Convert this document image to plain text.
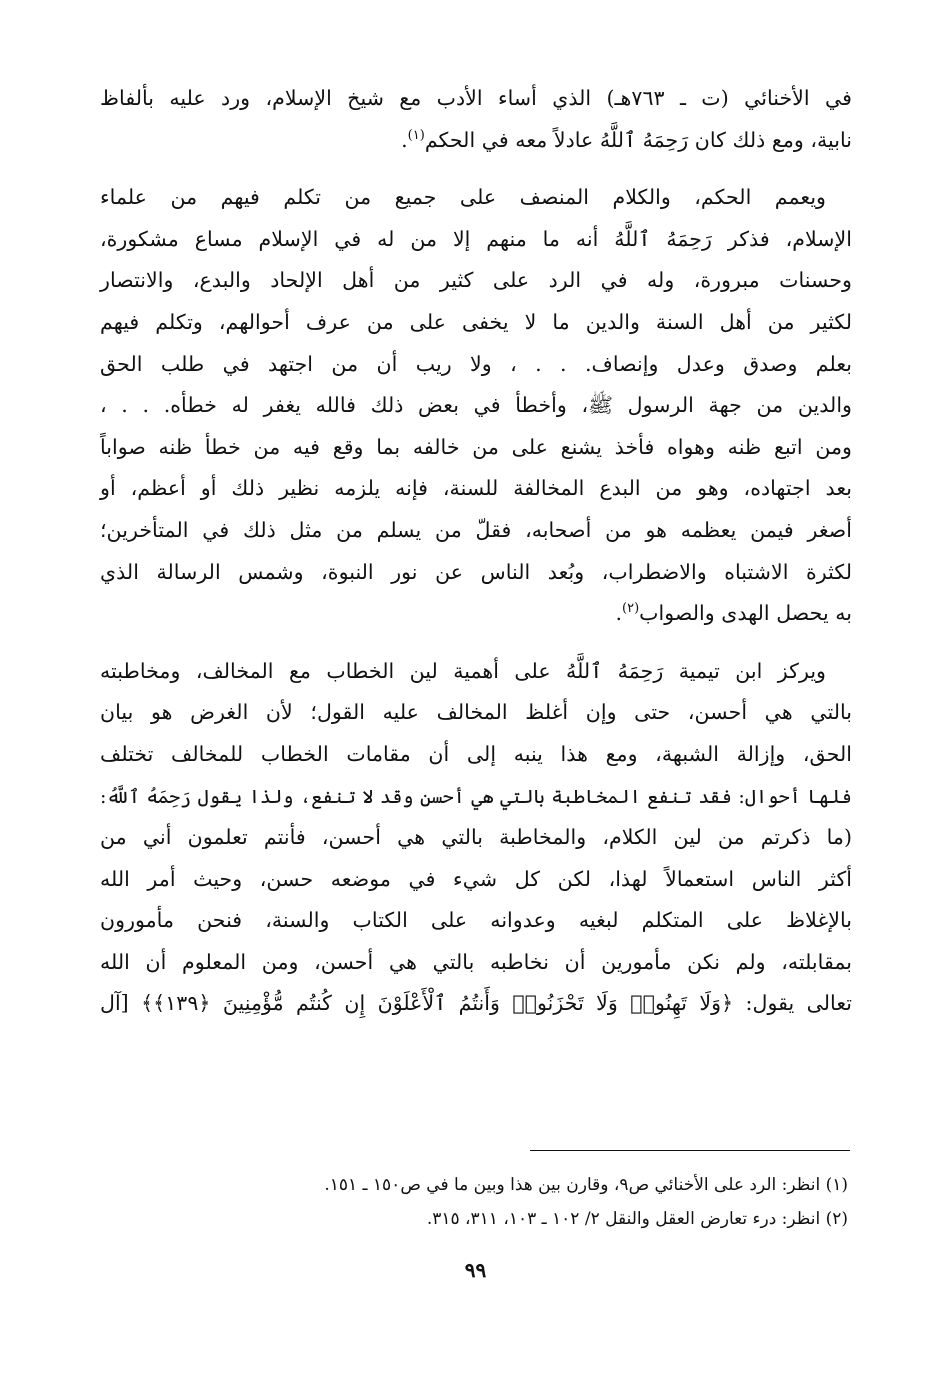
في الأخنائي (ت ـ ٧٦٣هـ) الذي أساء الأدب مع شيخ الإسلام، ورد عليه بألفاظ
نابية، ومع ذلك كان رَحِمَهُ ٱللَّهُ عادلاً معه في الحكم$^{(١)}$.

ويعمم الحكم، والكلام المنصف على جميع من تكلم فيهم من علماء
الإسلام، فذكر رَحِمَهُ ٱللَّهُ أنه ما منهم إلا من له في الإسلام مساع مشكورة،
وحسنات مبرورة، وله في الرد على كثير من أهل الإلحاد والبدع، والانتصار
لكثير من أهل السنة والدين ما لا يخفى على من عرف أحوالهم، وتكلم فيهم
بعلم وصدق وعدل وإنصاف. . . ، ولا ريب أن من اجتهد في طلب الحق
والدين من جهة الرسول ﷺ، وأخطأ في بعض ذلك فالله يغفر له خطأه. . . ،
ومن اتبع ظنه وهواه فأخذ يشنع على من خالفه بما وقع فيه من خطأ ظنه صواباً
بعد اجتهاده، وهو من البدع المخالفة للسنة، فإنه يلزمه نظير ذلك أو أعظم، أو
أصغر فيمن يعظمه هو من أصحابه، فقلّ من يسلم من مثل ذلك في المتأخرين؛
لكثرة الاشتباه والاضطراب، وبُعد الناس عن نور النبوة، وشمس الرسالة الذي
به يحصل الهدى والصواب$^{(٢)}$.

ويركز ابن تيمية رَحِمَهُ ٱللَّهُ على أهمية لين الخطاب مع المخالف، ومخاطبته
بالتي هي أحسن، حتى وإن أغلظ المخالف عليه القول؛ لأن الغرض هو بيان
الحق، وإزالة الشبهة، ومع هذا ينبه إلى أن مقامات الخطاب للمخالف تختلف
فلها أحوال: فقد تنفع المخاطبة بالتي هي أحسن وقد لا تنفع، ولذا يقول رَحِمَهُ ٱللَّهُ:
(ما ذكرتم من لين الكلام، والمخاطبة بالتي هي أحسن، فأنتم تعلمون أني من
أكثر الناس استعمالاً لهذا، لكن كل شيء في موضعه حسن، وحيث أمر الله
بالإغلاظ على المتكلم لبغيه وعدوانه على الكتاب والسنة، فنحن مأمورون
بمقابلته، ولم نكن مأمورين أن نخاطبه بالتي هي أحسن، ومن المعلوم أن الله
تعالى يقول: ﴿وَلَا تَهِنُوا۟ وَلَا تَحْزَنُوا۟ وَأَنتُمُ ٱلْأَعْلَوْنَ إِن كُنتُم مُّؤْمِنِينَ ﴿١٣٩﴾﴾ [آل

(١) انظر: الرد على الأخنائي ص٩، وقارن بين هذا وبين ما في ص١٥٠ ـ ١٥١.
(٢) انظر: درء تعارض العقل والنقل ٢/ ١٠٢ ـ ١٠٣، ٣١١، ٣١٥.
٩٩
